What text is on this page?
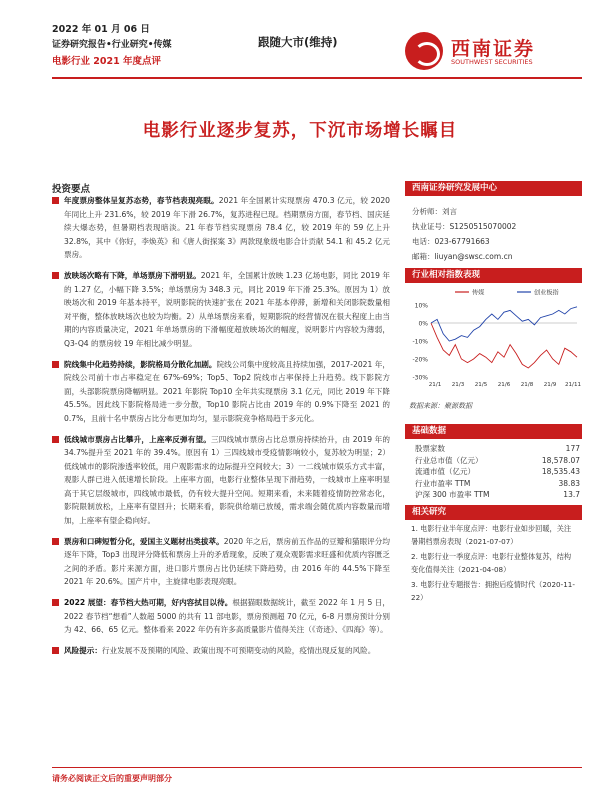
2022 年 01 月 06 日
证券研究报告•行业研究•传媒
电影行业 2021 年度点评
跟随大市(维持)	西南证券
SOUTHWEST SECURITIES
电影行业逐步复苏，下沉市场增长瞩目
投资要点
年度票房整体呈复苏态势，春节档表现亮眼。2021 年全国累计实现票房 470.3 亿元，较 2020 年同比上升 231.6%，较 2019 年下滑 26.7%，复苏进程已现。档期票房方面，春节档、国庆延续大爆态势，但暑期档表现暗淡。21 年春节档实现票房 78.4 亿，较 2019 年的 59 亿上升 32.8%，其中《你好，李焕英》和《唐人街探案 3》两款现象级电影合计贡献 54.1 和 45.2 亿元票房。
放映场次略有下降，单场票房下滑明显。2021 年，全国累计放映 1.23 亿场电影，同比 2019 年的 1.27 亿，小幅下降 3.5%；单场票房为 348.3 元，同比 2019 年下滑 25.3%。原因为 1）放映场次和 2019 年基本持平，说明影院的快速扩张在 2021 年基本停滞，新增和关闭影院数量相对平衡，整体放映场次也较为均衡。2）从单场票房来看，短期影院的经营情况在很大程度上由当期的内容质量决定，2021 年单场票房的下滑幅度超放映场次的幅度，说明影片内容较为薄弱，Q3-Q4 的票房较 19 年相比减少明显。
院线集中化趋势持续，影院格局分散化加剧。院线公司集中度较高且持续加强，2017-2021 年，院线公司前十市占率稳定在 67%-69%；Top5、Top2 院线市占率保持上升趋势。线下影院方面，头部影院票房降幅明显。2021 年影院 Top10 全年共实现票房 3.1 亿元，同比 2019 年下降 45.5%。因此线下影院格局进一步分散，Top10 影院占比由 2019 年的 0.9%下降至 2021 的 0.7%，且前十名中票房占比分布更加均匀，显示影院竞争格局趋于多元化。
低线城市票房占比攀升，上座率反弹有望。三四线城市票房占比总票房持续抬升，由 2019 年的 34.7%提升至 2021 年的 39.4%。原因有 1）三四线城市受疫情影响较小，复苏较为明显；2）低线城市的影院渗透率较低，用户观影需求的边际提升空间较大；3）一二线城市娱乐方式丰富，观影人群已进入低速增长阶段。上座率方面，电影行业整体呈现下滑趋势，一线城市上座率明显高于其它层级城市，四线城市最低，仍有较大提升空间。短期来看，未来随着疫情防控常态化，影院限制放松，上座率有望回升；长期来看，影院供给端已放缓，需求端会随优质内容数量而增加，上座率有望企稳向好。
票房和口碑短暂分化，爱国主义题材出类拔萃。2020 年之后，票房前五作品的豆瓣和猫眼评分均逐年下降，Top3 出现评分降低和票房上升的矛盾现象，反映了观众观影需求旺盛和优质内容匮乏之间的矛盾。影片来源方面，进口影片票房占比仍延续下降趋势，由 2016 年的 44.5%下降至 2021 年 20.6%。国产片中，主旋律电影表现亮眼。
2022 展望：春节档大热可期，好内容拭目以待。根据猫眼数据统计，截至 2022 年 1 月 5 日，2022 春节档“想看”人数超 5000 的共有 11 部电影，票房预测超 70 亿元，6-8 月票房预计分别为 42、66、65 亿元。整体看来 2022 年仍有许多高质量影片值得关注（《奇迹》、《四海》等）。
风险提示：行业发展不及预期的风险、政策出现不可预期变动的风险，疫情出现反复的风险。
西南证券研究发展中心
分析师：刘言
执业证号：S1250515070002
电话：023-67791663
邮箱：liuyan@swsc.com.cn
行业相对指数表现
10%
0%
-10%
-20%
-30%
21/1 21/3 21/5 21/6 21/8 21/9 21/11
传媒	创业板指
数据来源：聚源数据
基础数据
股票家数	177
行业总市值（亿元）	18,578.07
流通市值（亿元）	18,535.43
行业市盈率 TTM	38.83
沪深 300 市盈率 TTM	13.7
相关研究
1. 电影行业半年度点评：电影行业如步回暖，关注暑期档票房表现（2021-07-07）
2. 电影行业一季度点评：电影行业整体复苏，结构变化值得关注（2021-04-08）
3. 电影行业专题报告：拥抱后疫情时代（2020-11-22）
请务必阅读正文后的重要声明部分
